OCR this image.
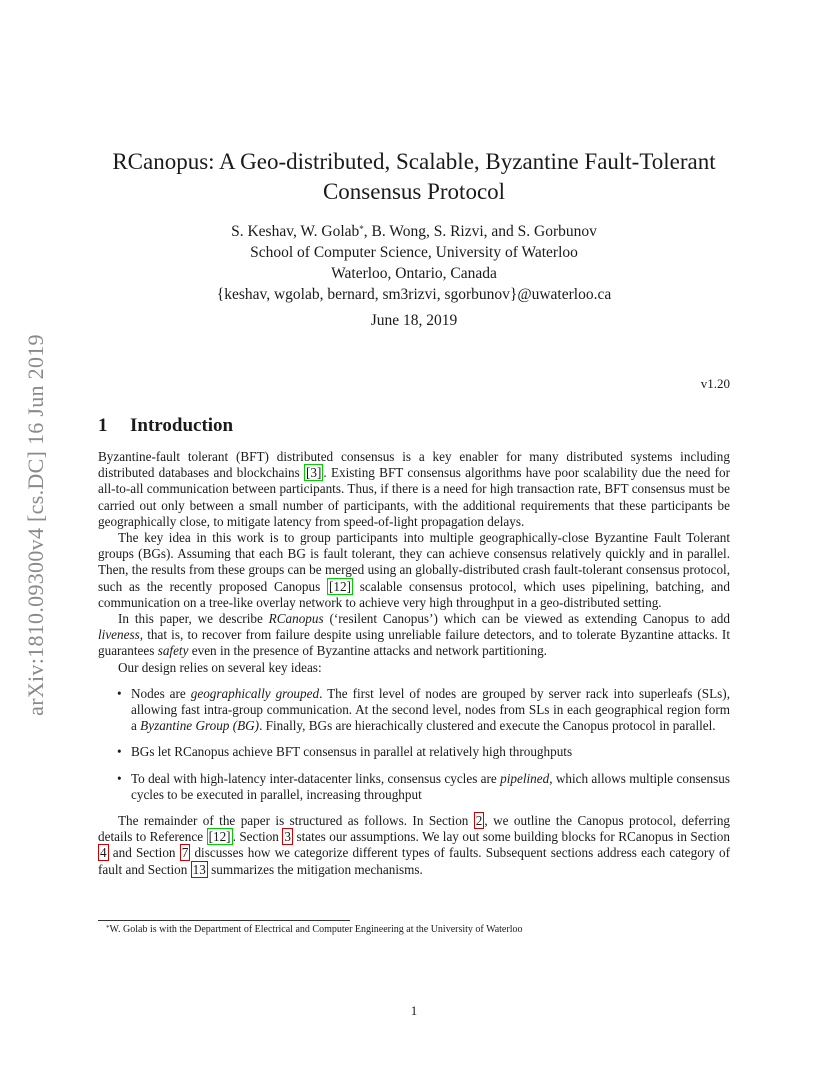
arXiv:1810.09300v4 [cs.DC] 16 Jun 2019
RCanopus: A Geo-distributed, Scalable, Byzantine Fault-Tolerant
Consensus Protocol
S. Keshav, W. Golab*, B. Wong, S. Rizvi, and S. Gorbunov
School of Computer Science, University of Waterloo
Waterloo, Ontario, Canada
{keshav, wgolab, bernard, sm3rizvi, sgorbunov}@uwaterloo.ca
June 18, 2019
v1.20
1 Introduction

Byzantine-fault tolerant (BFT) distributed consensus is a key enabler for many distributed systems including distributed databases and blockchains [3] . Existing BFT consensus algorithms have poor scalability due the need for all-to-all communication between participants. Thus, if there is a need for high transaction rate, BFT consensus must be carried out only between a small number of participants, with the additional requirements that these participants be geographically close, to mitigate latency from speed-of-light propagation delays.

The key idea in this work is to group participants into multiple geographically-close Byzantine Fault Tolerant groups (BGs). Assuming that each BG is fault tolerant, they can achieve consensus relatively quickly and in parallel. Then, the results from these groups can be merged using an globally-distributed crash fault-tolerant consensus protocol, such as the recently proposed Canopus [12] scalable consensus protocol, which uses pipelining, batching, and communication on a tree-like overlay network to achieve very high throughput in a geo-distributed setting.

In this paper, we describe RCanopus (‘resilent Canopus’) which can be viewed as extending Canopus to add liveness, that is, to recover from failure despite using unreliable failure detectors, and to tolerate Byzantine attacks. It guarantees safety even in the presence of Byzantine attacks and network partitioning.

Our design relies on several key ideas:

• Nodes are geographically grouped. The first level of nodes are grouped by server rack into superleafs (SLs), allowing fast intra-group communication. At the second level, nodes from SLs in each geographical region form a Byzantine Group (BG). Finally, BGs are hierachically clustered and execute the Canopus protocol in parallel.
• BGs let RCanopus achieve BFT consensus in parallel at relatively high throughputs
• To deal with high-latency inter-datacenter links, consensus cycles are pipelined, which allows multiple consensus cycles to be executed in parallel, increasing throughput

The remainder of the paper is structured as follows. In Section 2 , we outline the Canopus protocol, deferring details to Reference [12] . Section 3 states our assumptions. We lay out some building blocks for RCanopus in Section 4 and Section 7 discusses how we categorize different types of faults. Subsequent sections address each category of fault and Section 13 summarizes the mitigation mechanisms.

*W. Golab is with the Department of Electrical and Computer Engineering at the University of Waterloo
1
